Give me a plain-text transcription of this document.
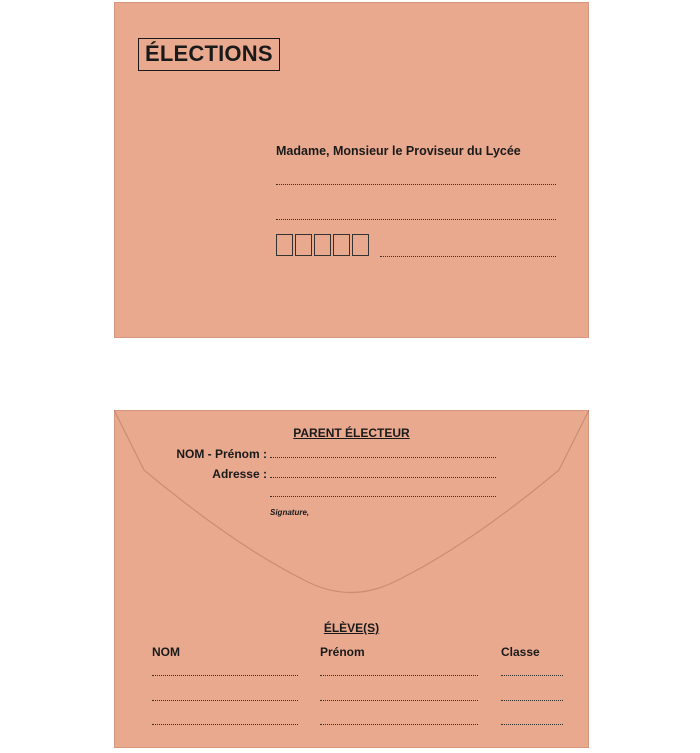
ÉLECTIONS
Madame, Monsieur le Proviseur du Lycée
PARENT ÉLECTEUR
NOM - Prénom :
Adresse :
Signature,
ÉLÈVE(S)
NOM	Prénom	Classe
